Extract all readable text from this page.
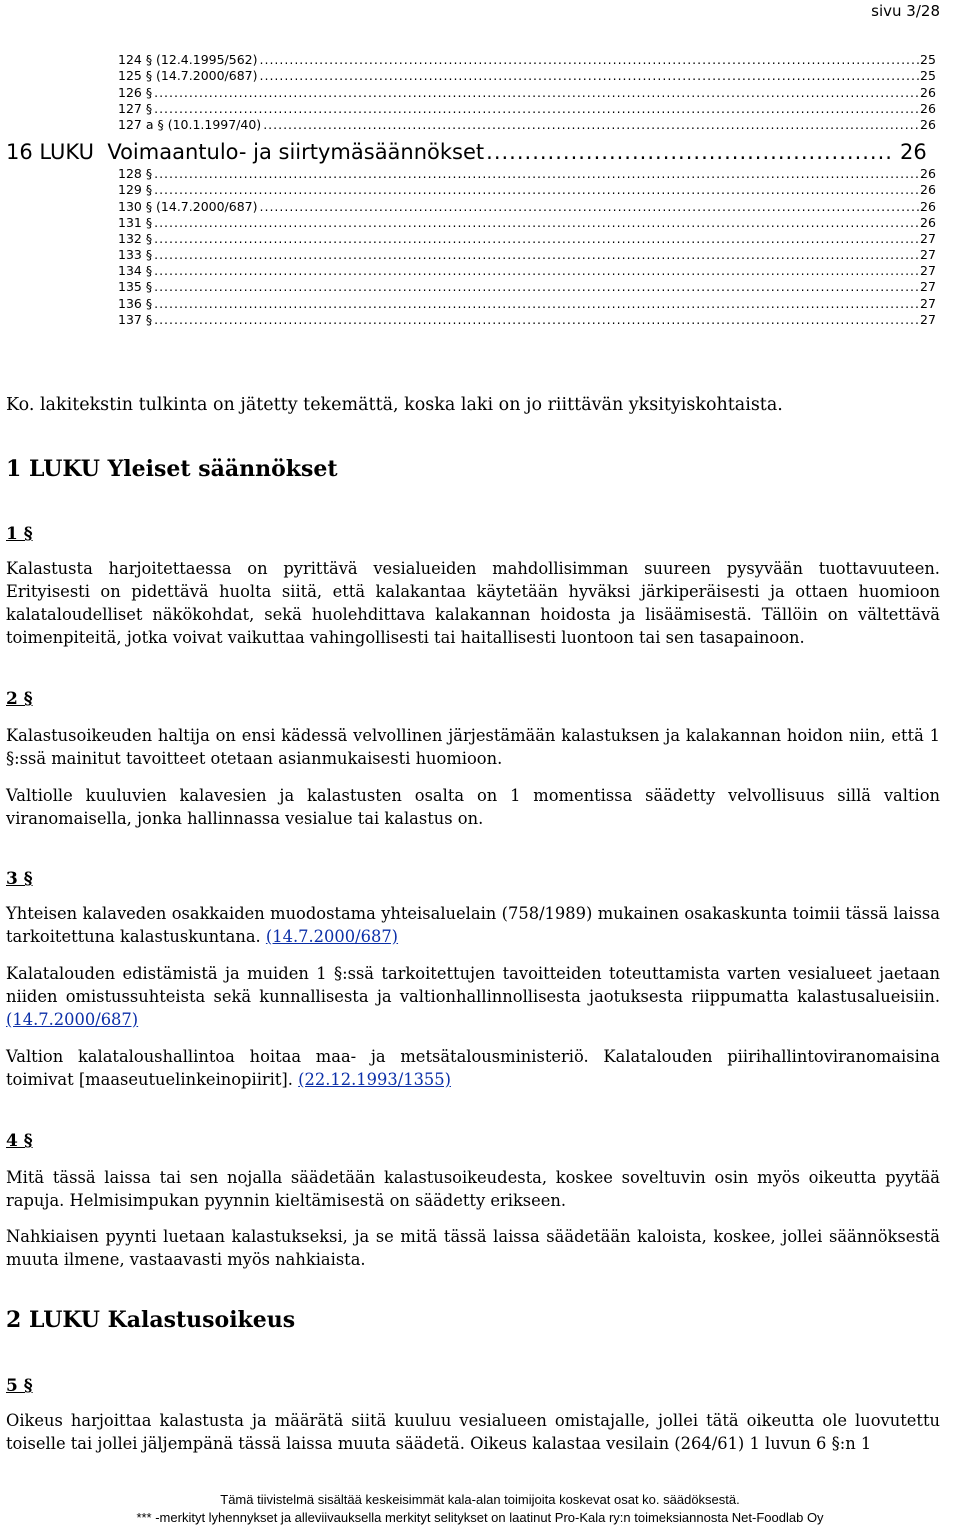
sivu 3/28
124 § (12.4.1995/562) .....	25
125 § (14.7.2000/687) .....	25
126 § .....	26
127 § .....	26
127 a § (10.1.1997/40) .....	26
16 LUKU  Voimaantulo- ja siirtymäsäännökset .....	26
128 § .....	26
129 § .....	26
130 § (14.7.2000/687) .....	26
131 § .....	26
132 § .....	27
133 § .....	27
134 § .....	27
135 § .....	27
136 § .....	27
137 § .....	27
Ko. lakitekstin tulkinta on jätetty tekemättä, koska laki on jo riittävän yksityiskohtaista.
1 LUKU Yleiset säännökset
1 §

Kalastusta harjoitettaessa on pyrittävä vesialueiden mahdollisimman suureen pysyvään tuottavuuteen. Erityisesti on pidettävä huolta siitä, että kalakantaa käytetään hyväksi järkiperäisesti ja ottaen huomioon kalataloudelliset näkökohdat, sekä huolehdittava kalakannan hoidosta ja lisäämisestä. Tällöin on vältettävä toimenpiteitä, jotka voivat vaikuttaa vahingollisesti tai haitallisesti luontoon tai sen tasapainoon.

2 §

Kalastusoikeuden haltija on ensi kädessä velvollinen järjestämään kalastuksen ja kalakannan hoidon niin, että 1 §:ssä mainitut tavoitteet otetaan asianmukaisesti huomioon.

Valtiolle kuuluvien kalavesien ja kalastusten osalta on 1 momentissa säädetty velvollisuus sillä valtion viranomaisella, jonka hallinnassa vesialue tai kalastus on.

3 §

Yhteisen kalaveden osakkaiden muodostama yhteisaluelain (758/1989) mukainen osakaskunta toimii tässä laissa tarkoitettuna kalastuskuntana. (14.7.2000/687)

Kalatalouden edistämistä ja muiden 1 §:ssä tarkoitettujen tavoitteiden toteuttamista varten vesialueet jaetaan niiden omistussuhteista sekä kunnallisesta ja valtionhallinnollisesta jaotuksesta riippumatta kalastusalueisiin. (14.7.2000/687)

Valtion kalataloushallintoa hoitaa maa- ja metsätalousministeriö. Kalatalouden piirihallintoviranomaisina toimivat [maaseutuelinkeinopiirit]. (22.12.1993/1355)

4 §

Mitä tässä laissa tai sen nojalla säädetään kalastusoikeudesta, koskee soveltuvin osin myös oikeutta pyytää rapuja. Helmisimpukan pyynnin kieltämisestä on säädetty erikseen.

Nahkiaisen pyynti luetaan kalastukseksi, ja se mitä tässä laissa säädetään kaloista, koskee, jollei säännöksestä muuta ilmene, vastaavasti myös nahkiaista.

2 LUKU Kalastusoikeus
5 §

Oikeus harjoittaa kalastusta ja määrätä siitä kuuluu vesialueen omistajalle, jollei tätä oikeutta ole luovutettu toiselle tai jollei jäljempänä tässä laissa muuta säädetä. Oikeus kalastaa vesilain (264/61) 1 luvun 6 §:n 1

Tämä tiivistelmä sisältää keskeisimmät kala-alan toimijoita koskevat osat ko. säädöksestä.
*** -merkityt lyhennykset ja alleviivauksella merkityt selitykset on laatinut Pro-Kala ry:n toimeksiannosta Net-Foodlab Oy
